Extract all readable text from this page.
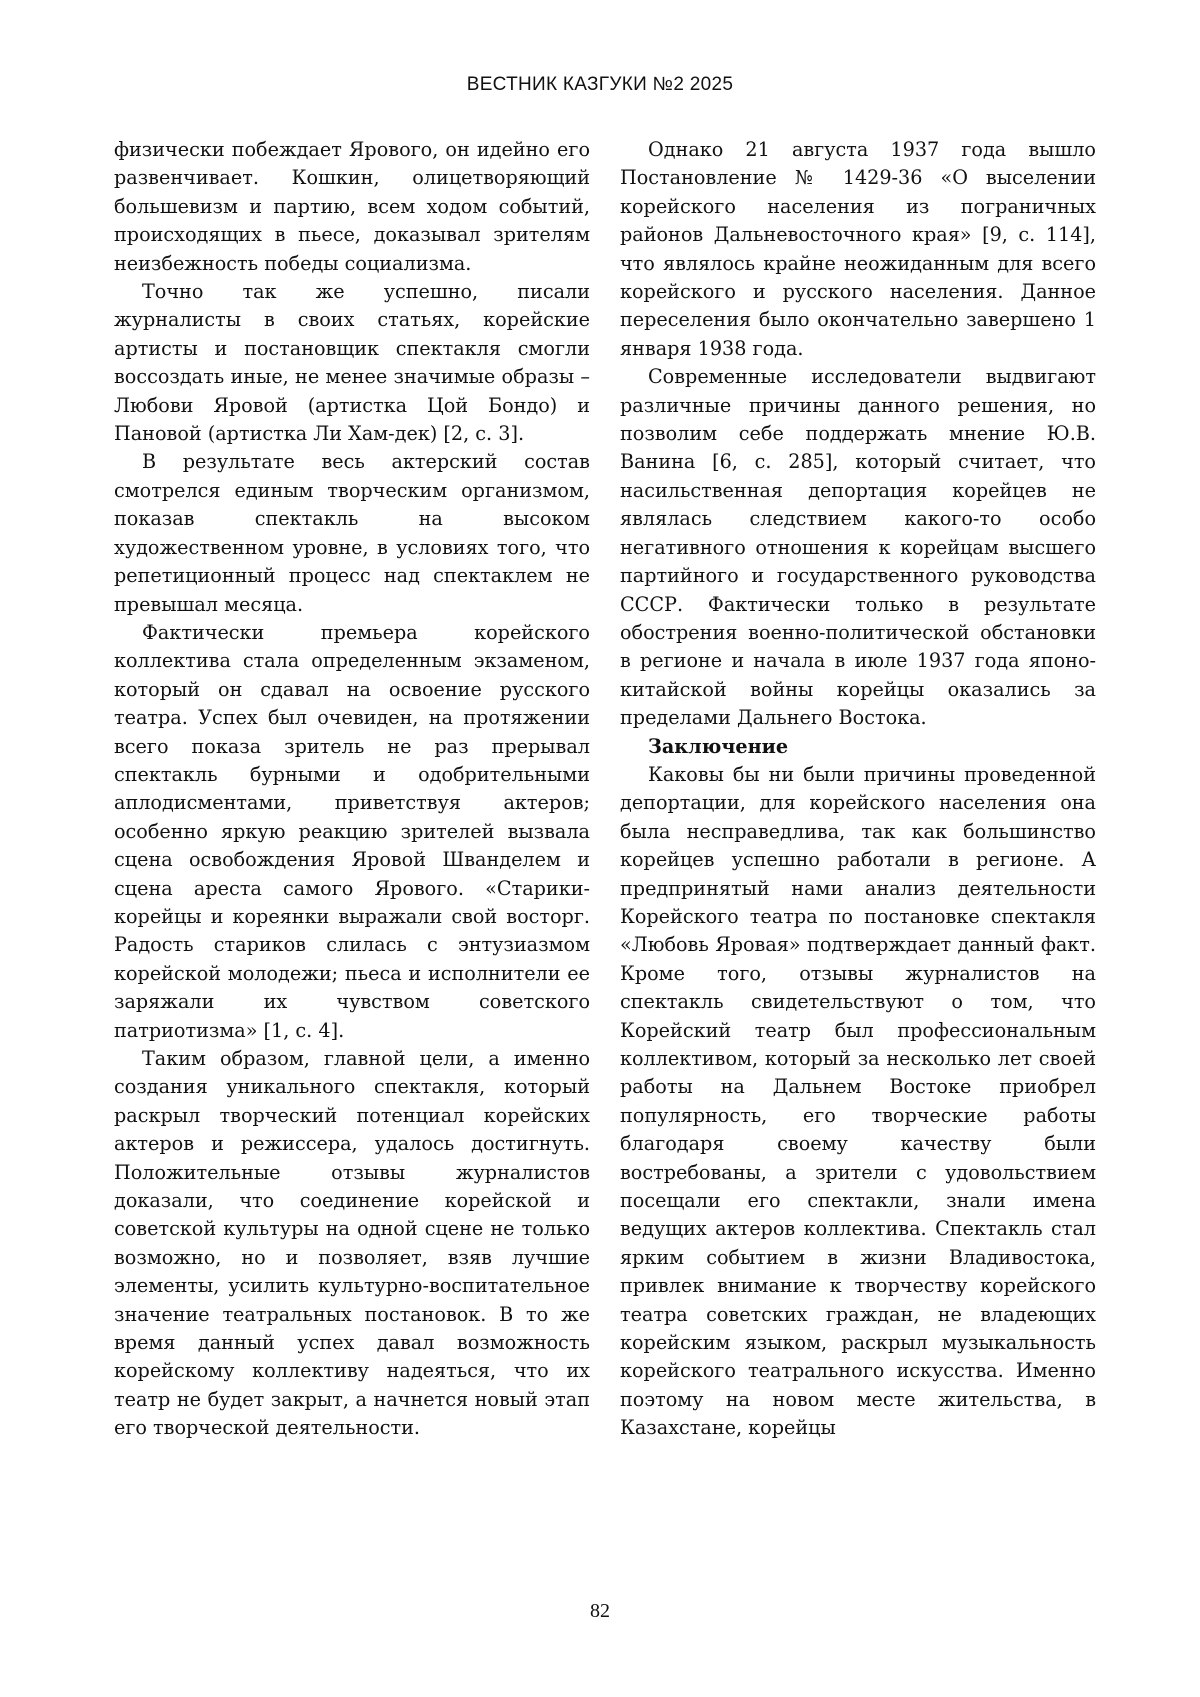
ВЕСТНИК КАЗГУКИ №2 2025

физически побеждает Ярового, он идейно его развенчивает. Кошкин, олицетворяющий большевизм и партию, всем ходом событий, происходящих в пьесе, доказывал зрителям неизбежность победы социализма.

Точно так же успешно, писали журналисты в своих статьях, корейские артисты и постановщик спектакля смогли воссоздать иные, не менее значимые образы – Любови Яровой (артистка Цой Бондо) и Пановой (артистка Ли Хам-дек) [2, с. 3].

В результате весь актерский состав смотрелся единым творческим организмом, показав спектакль на высоком художественном уровне, в условиях того, что репетиционный процесс над спектаклем не превышал месяца.

Фактически премьера корейского коллектива стала определенным экзаменом, который он сдавал на освоение русского театра. Успех был очевиден, на протяжении всего показа зритель не раз прерывал спектакль бурными и одобрительными аплодисментами, приветствуя актеров; особенно яркую реакцию зрителей вызвала сцена освобождения Яровой Шванделем и сцена ареста самого Ярового. «Старики-корейцы и кореянки выражали свой восторг. Радость стариков слилась с энтузиазмом корейской молодежи; пьеса и исполнители ее заряжали их чувством советского патриотизма» [1, с. 4].

Таким образом, главной цели, а именно создания уникального спектакля, который раскрыл творческий потенциал корейских актеров и режиссера, удалось достигнуть. Положительные отзывы журналистов доказали, что соединение корейской и советской культуры на одной сцене не только возможно, но и позволяет, взяв лучшие элементы, усилить культурно-воспитательное значение театральных постановок. В то же время данный успех давал возможность корейскому коллективу надеяться, что их театр не будет закрыт, а начнется новый этап его творческой деятельности.

Однако 21 августа 1937 года вышло Постановление № 1429-36 «О выселении корейского населения из пограничных районов Дальневосточного края» [9, с. 114], что являлось крайне неожиданным для всего корейского и русского населения. Данное переселения было окончательно завершено 1 января 1938 года.

Современные исследователи выдвигают различные причины данного решения, но позволим себе поддержать мнение Ю.В. Ванина [6, с. 285], который считает, что насильственная депортация корейцев не являлась следствием какого-то особо негативного отношения к корейцам высшего партийного и государственного руководства СССР. Фактически только в результате обострения военно-политической обстановки в регионе и начала в июле 1937 года японо-китайской войны корейцы оказались за пределами Дальнего Востока.

Заключение

Каковы бы ни были причины проведенной депортации, для корейского населения она была несправедлива, так как большинство корейцев успешно работали в регионе. А предпринятый нами анализ деятельности Корейского театра по постановке спектакля «Любовь Яровая» подтверждает данный факт. Кроме того, отзывы журналистов на спектакль свидетельствуют о том, что Корейский театр был профессиональным коллективом, который за несколько лет своей работы на Дальнем Востоке приобрел популярность, его творческие работы благодаря своему качеству были востребованы, а зрители с удовольствием посещали его спектакли, знали имена ведущих актеров коллектива. Спектакль стал ярким событием в жизни Владивостока, привлек внимание к творчеству корейского театра советских граждан, не владеющих корейским языком, раскрыл музыкальность корейского театрального искусства. Именно поэтому на новом месте жительства, в Казахстане, корейцы

82
